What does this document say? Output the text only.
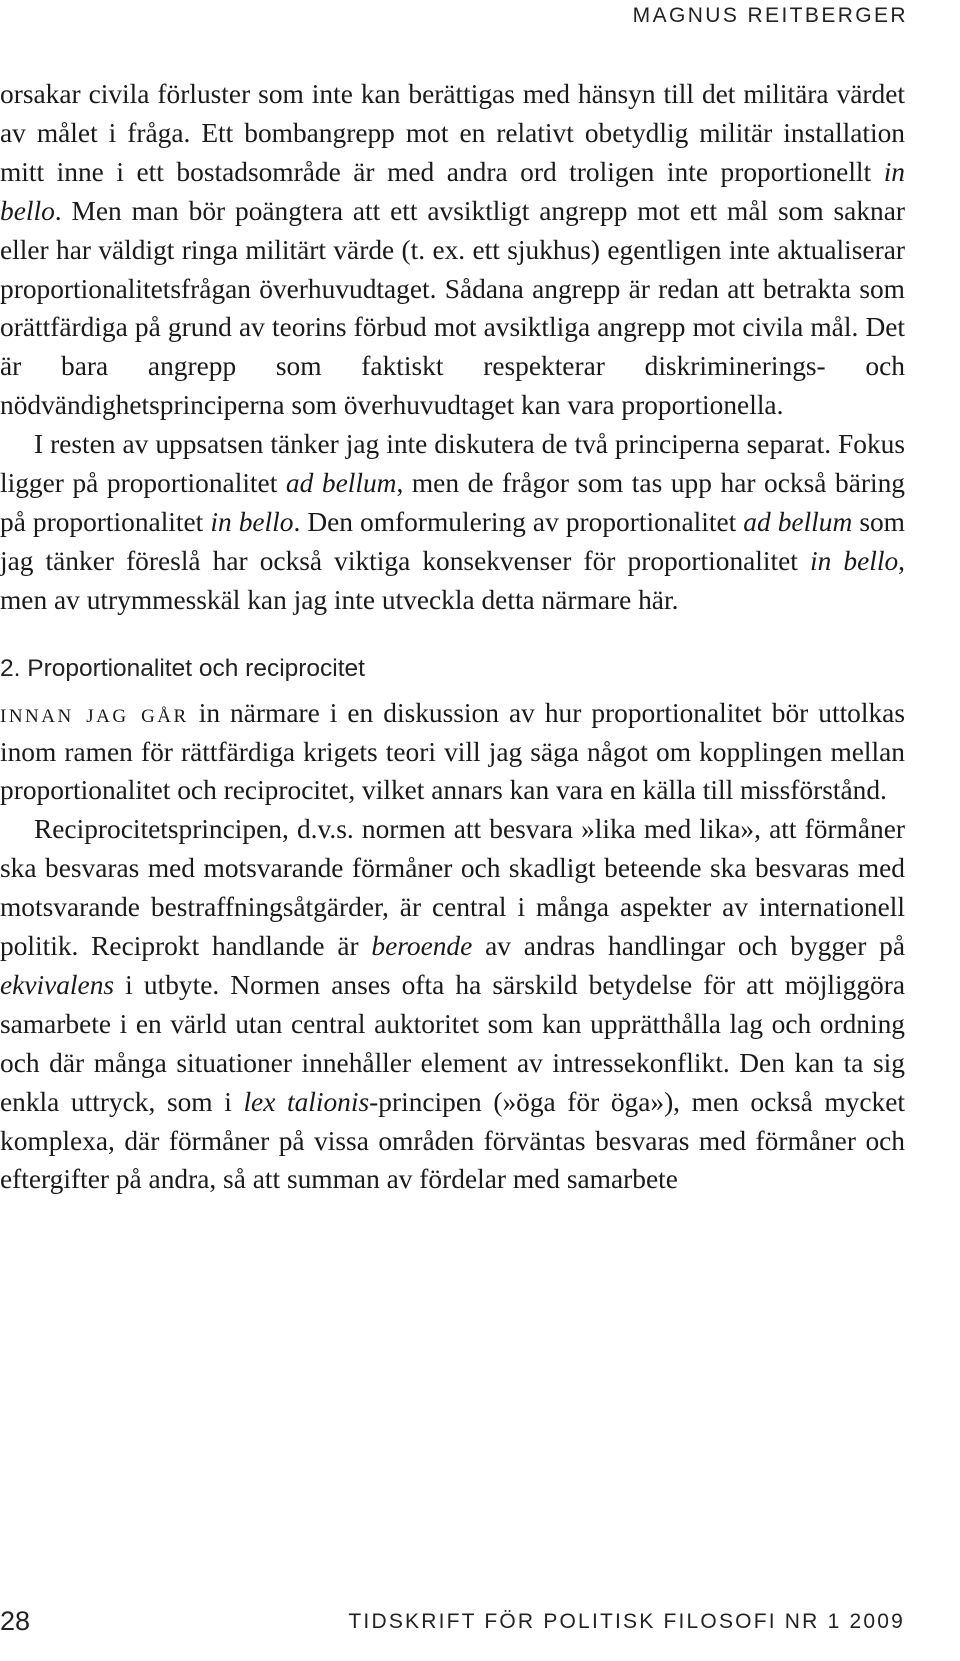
MAGNUS REITBERGER

orsakar civila förluster som inte kan berättigas med hänsyn till det militära värdet av målet i fråga. Ett bombangrepp mot en relativt obetydlig militär installation mitt inne i ett bostadsområde är med andra ord troligen inte proportionellt in bello. Men man bör poängtera att ett avsiktligt angrepp mot ett mål som saknar eller har väldigt ringa militärt värde (t. ex. ett sjukhus) egentligen inte aktualiserar proportionalitetsfrågan överhuvudtaget. Sådana angrepp är redan att betrakta som orättfärdiga på grund av teorins förbud mot avsiktliga angrepp mot civila mål. Det är bara angrepp som faktiskt respekterar diskriminerings- och nödvändighetsprinciperna som överhuvudtaget kan vara proportionella.

I resten av uppsatsen tänker jag inte diskutera de två principerna separat. Fokus ligger på proportionalitet ad bellum, men de frågor som tas upp har också bäring på proportionalitet in bello. Den omformulering av proportionalitet ad bellum som jag tänker föreslå har också viktiga konsekvenser för proportionalitet in bello, men av utrymmesskäl kan jag inte utveckla detta närmare här.

2. Proportionalitet och reciprocitet

innan jag går in närmare i en diskussion av hur proportionalitet bör uttolkas inom ramen för rättfärdiga krigets teori vill jag säga något om kopplingen mellan proportionalitet och reciprocitet, vilket annars kan vara en källa till missförstånd.

Reciprocitetsprincipen, d.v.s. normen att besvara »lika med lika», att förmåner ska besvaras med motsvarande förmåner och skadligt beteende ska besvaras med motsvarande bestraffningsåtgärder, är central i många aspekter av internationell politik. Reciprokt handlande är beroende av andras handlingar och bygger på ekvivalens i utbyte. Normen anses ofta ha särskild betydelse för att möjliggöra samarbete i en värld utan central auktoritet som kan upprätthålla lag och ordning och där många situationer innehåller element av intressekonflikt. Den kan ta sig enkla uttryck, som i lex talionis-principen (»öga för öga»), men också mycket komplexa, där förmåner på vissa områden förväntas besvaras med förmåner och eftergifter på andra, så att summan av fördelar med samarbete

28	TIDSKRIFT FÖR POLITISK FILOSOFI NR 1 2009
